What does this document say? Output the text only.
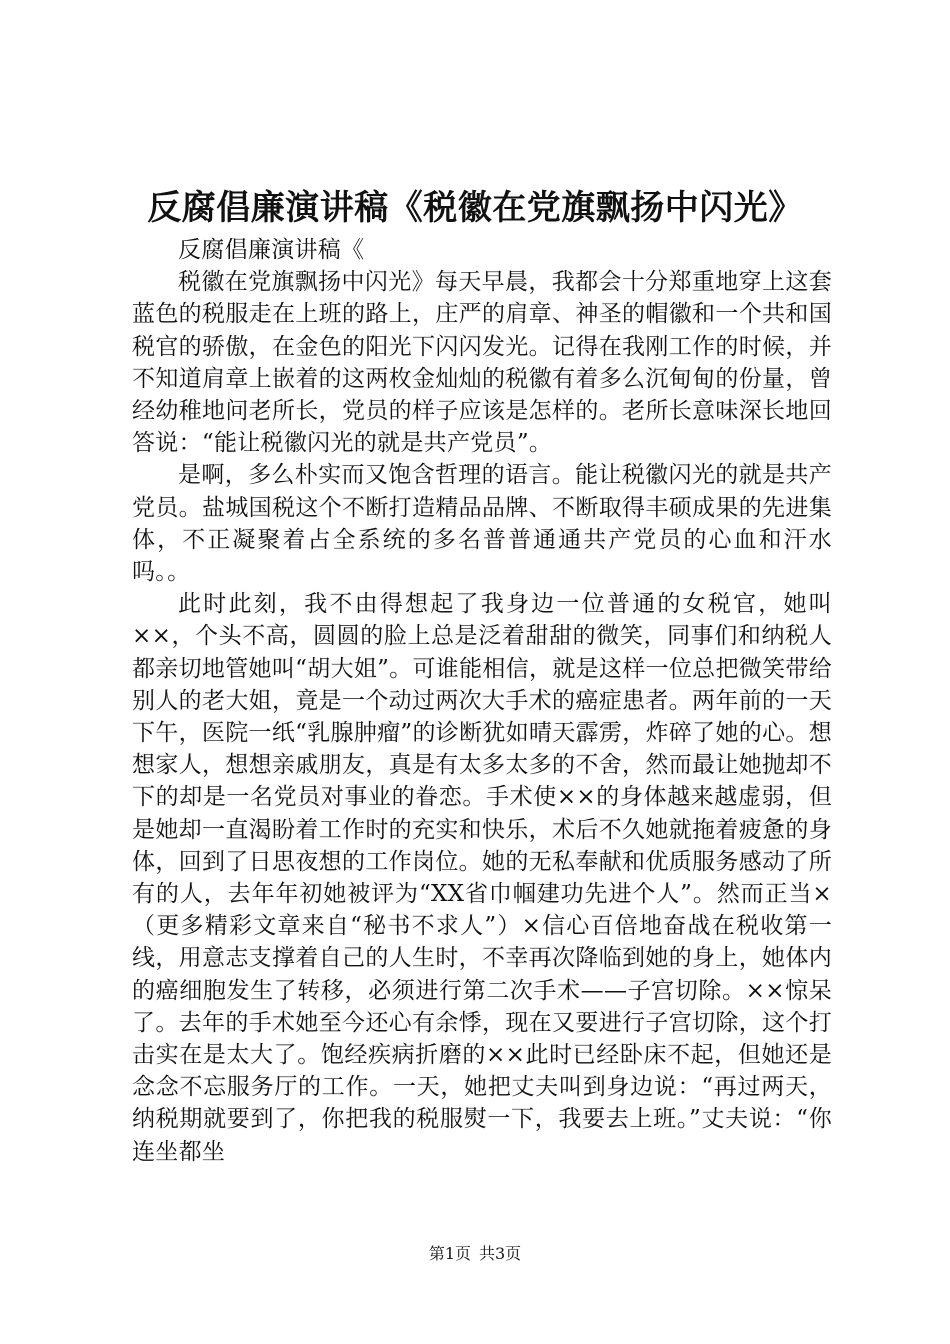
反腐倡廉演讲稿《税徽在党旗飘扬中闪光》

反腐倡廉演讲稿《

税徽在党旗飘扬中闪光》每天早晨，我都会十分郑重地穿上这套蓝色的税服走在上班的路上，庄严的肩章、神圣的帽徽和一个共和国税官的骄傲，在金色的阳光下闪闪发光。记得在我刚工作的时候，并不知道肩章上嵌着的这两枚金灿灿的税徽有着多么沉甸甸的份量，曾经幼稚地问老所长，党员的样子应该是怎样的。老所长意味深长地回答说：“能让税徽闪光的就是共产党员”。

是啊，多么朴实而又饱含哲理的语言。能让税徽闪光的就是共产党员。盐城国税这个不断打造精品品牌、不断取得丰硕成果的先进集体，不正凝聚着占全系统的多名普普通通共产党员的心血和汗水吗。。

此时此刻，我不由得想起了我身边一位普通的女税官，她叫××，个头不高，圆圆的脸上总是泛着甜甜的微笑，同事们和纳税人都亲切地管她叫“胡大姐”。可谁能相信，就是这样一位总把微笑带给别人的老大姐，竟是一个动过两次大手术的癌症患者。两年前的一天下午，医院一纸“乳腺肿瘤”的诊断犹如晴天霹雳，炸碎了她的心。想想家人，想想亲戚朋友，真是有太多太多的不舍，然而最让她抛却不下的却是一名党员对事业的眷恋。手术使××的身体越来越虚弱，但是她却一直渴盼着工作时的充实和快乐，术后不久她就拖着疲惫的身体，回到了日思夜想的工作岗位。她的无私奉献和优质服务感动了所有的人，去年年初她被评为“XX省巾帼建功先进个人”。然而正当×（更多精彩文章来自“秘书不求人”）×信心百倍地奋战在税收第一线，用意志支撑着自己的人生时，不幸再次降临到她的身上，她体内的癌细胞发生了转移，必须进行第二次手术——子宫切除。××惊呆了。去年的手术她至今还心有余悸，现在又要进行子宫切除，这个打击实在是太大了。饱经疾病折磨的××此时已经卧床不起，但她还是念念不忘服务厅的工作。一天，她把丈夫叫到身边说：“再过两天，纳税期就要到了，你把我的税服熨一下，我要去上班。”丈夫说：“你连坐都坐

第1页 共3页
